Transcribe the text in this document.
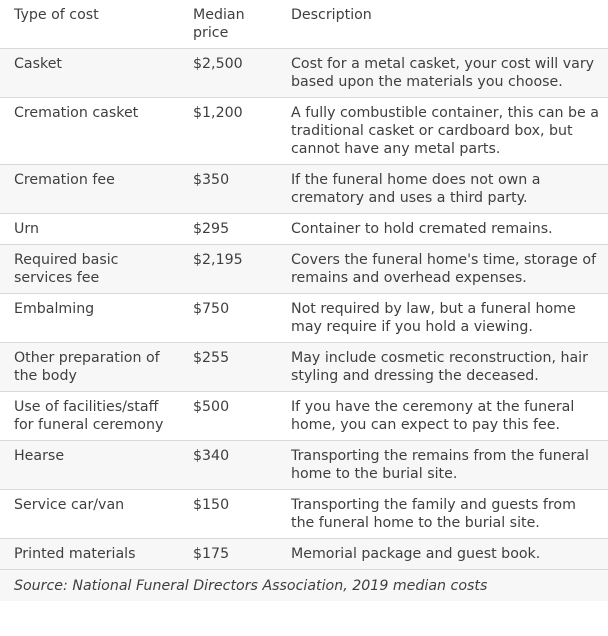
Type of cost	Median price	Description
Casket	$2,500	Cost for a metal casket, your cost will vary based upon the materials you choose.
Cremation casket	$1,200	A fully combustible container, this can be a traditional casket or cardboard box, but cannot have any metal parts.
Cremation fee	$350	If the funeral home does not own a crematory and uses a third party.
Urn	$295	Container to hold cremated remains.
Required basic services fee	$2,195	Covers the funeral home's time, storage of remains and overhead expenses.
Embalming	$750	Not required by law, but a funeral home may require if you hold a viewing.
Other preparation of the body	$255	May include cosmetic reconstruction, hair styling and dressing the deceased.
Use of facilities/staff for funeral ceremony	$500	If you have the ceremony at the funeral home, you can expect to pay this fee.
Hearse	$340	Transporting the remains from the funeral home to the burial site.
Service car/van	$150	Transporting the family and guests from the funeral home to the burial site.
Printed materials	$175	Memorial package and guest book.
Source: National Funeral Directors Association, 2019 median costs		
